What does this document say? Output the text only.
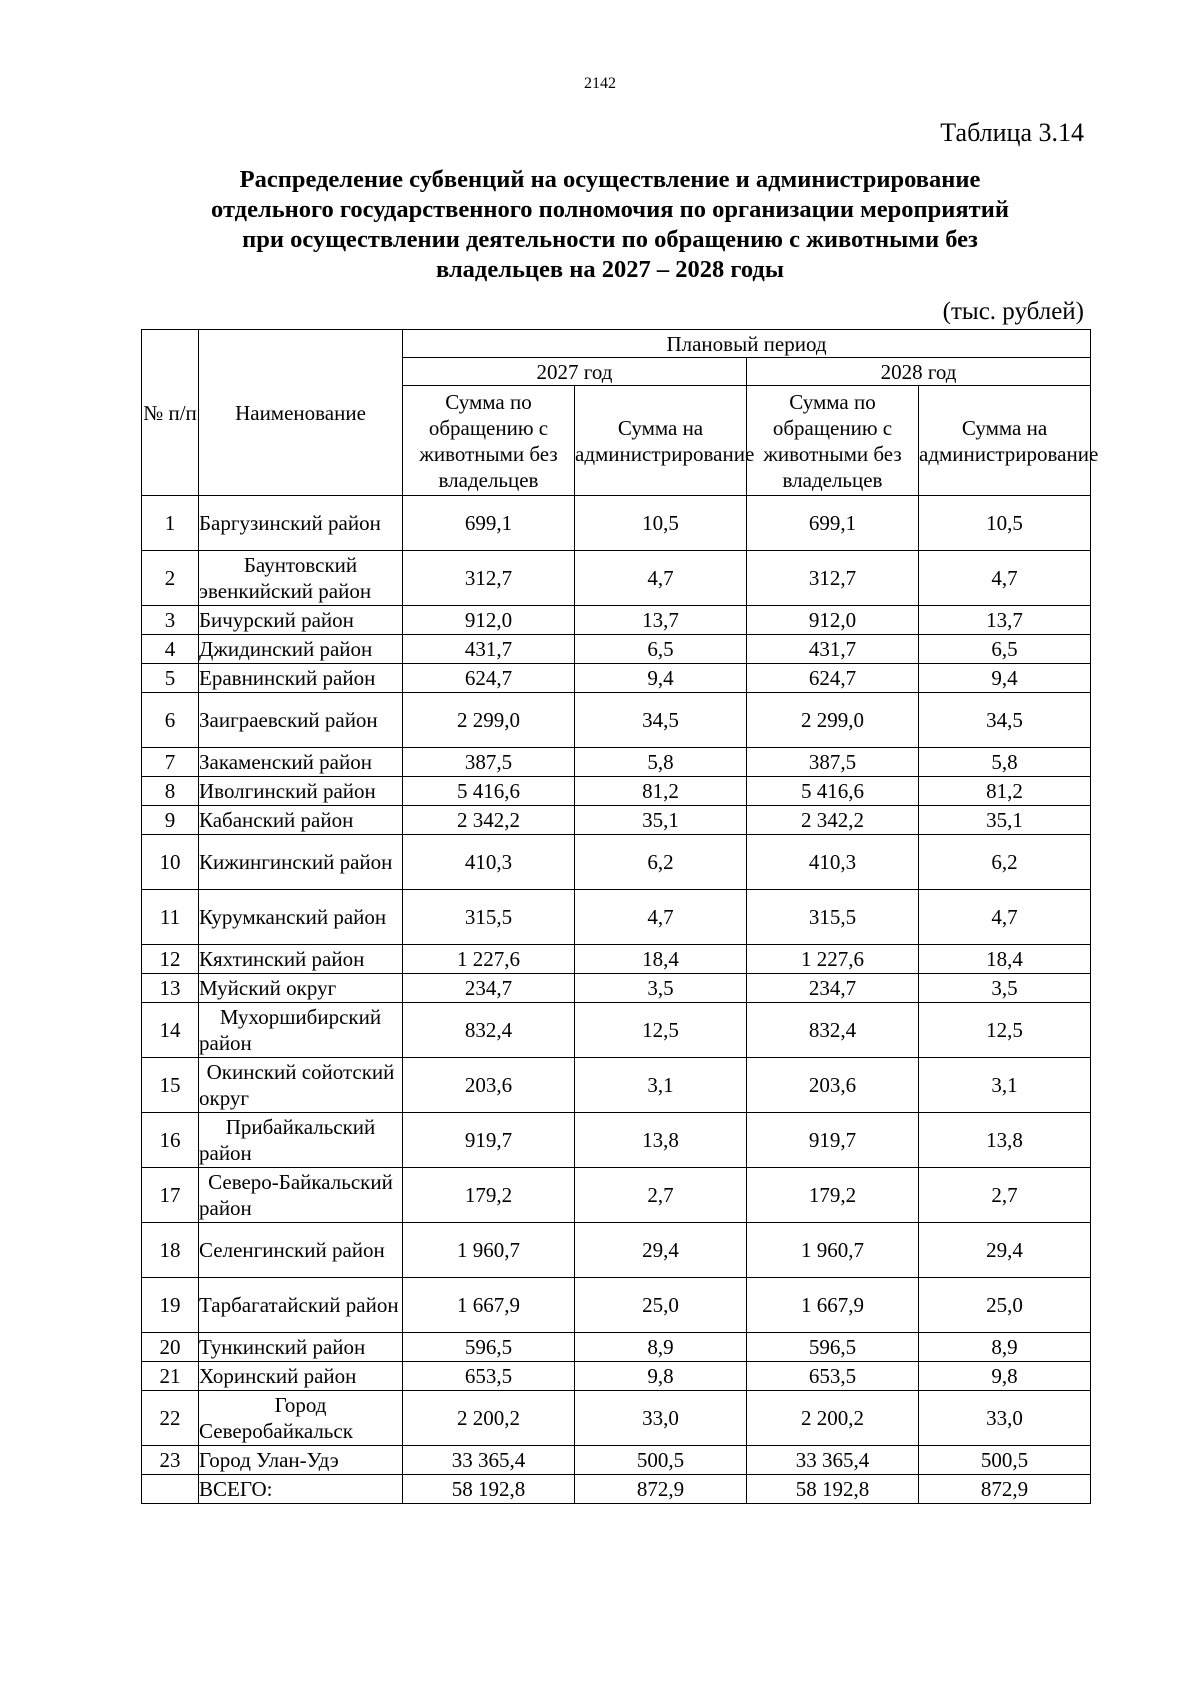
2142
Таблица 3.14
Распределение субвенций на осуществление и администрирование
отдельного государственного полномочия по организации мероприятий
при осуществлении деятельности по обращению с животными без
владельцев на 2027 – 2028 годы
(тыс. рублей)
№ п/п	Наименование	Плановый период			
		2027 год		2028 год	
		Сумма по обращению с животными без владельцев	Сумма на администрирование	Сумма по обращению с животными без владельцев	Сумма на администрирование
1	Баргузинский район	699,1	10,5	699,1	10,5
2	Баунтовский эвенкийский район	312,7	4,7	312,7	4,7
3	Бичурский район	912,0	13,7	912,0	13,7
4	Джидинский район	431,7	6,5	431,7	6,5
5	Еравнинский район	624,7	9,4	624,7	9,4
6	Заиграевский район	2 299,0	34,5	2 299,0	34,5
7	Закаменский район	387,5	5,8	387,5	5,8
8	Иволгинский район	5 416,6	81,2	5 416,6	81,2
9	Кабанский район	2 342,2	35,1	2 342,2	35,1
10	Кижингинский район	410,3	6,2	410,3	6,2
11	Курумканский район	315,5	4,7	315,5	4,7
12	Кяхтинский район	1 227,6	18,4	1 227,6	18,4
13	Муйский округ	234,7	3,5	234,7	3,5
14	Мухоршибирский район	832,4	12,5	832,4	12,5
15	Окинский сойотский округ	203,6	3,1	203,6	3,1
16	Прибайкальский район	919,7	13,8	919,7	13,8
17	Северо-Байкальский район	179,2	2,7	179,2	2,7
18	Селенгинский район	1 960,7	29,4	1 960,7	29,4
19	Тарбагатайский район	1 667,9	25,0	1 667,9	25,0
20	Тункинский район	596,5	8,9	596,5	8,9
21	Хоринский район	653,5	9,8	653,5	9,8
22	Город Северобайкальск	2 200,2	33,0	2 200,2	33,0
23	Город Улан-Удэ	33 365,4	500,5	33 365,4	500,5
	ВСЕГО:	58 192,8	872,9	58 192,8	872,9
